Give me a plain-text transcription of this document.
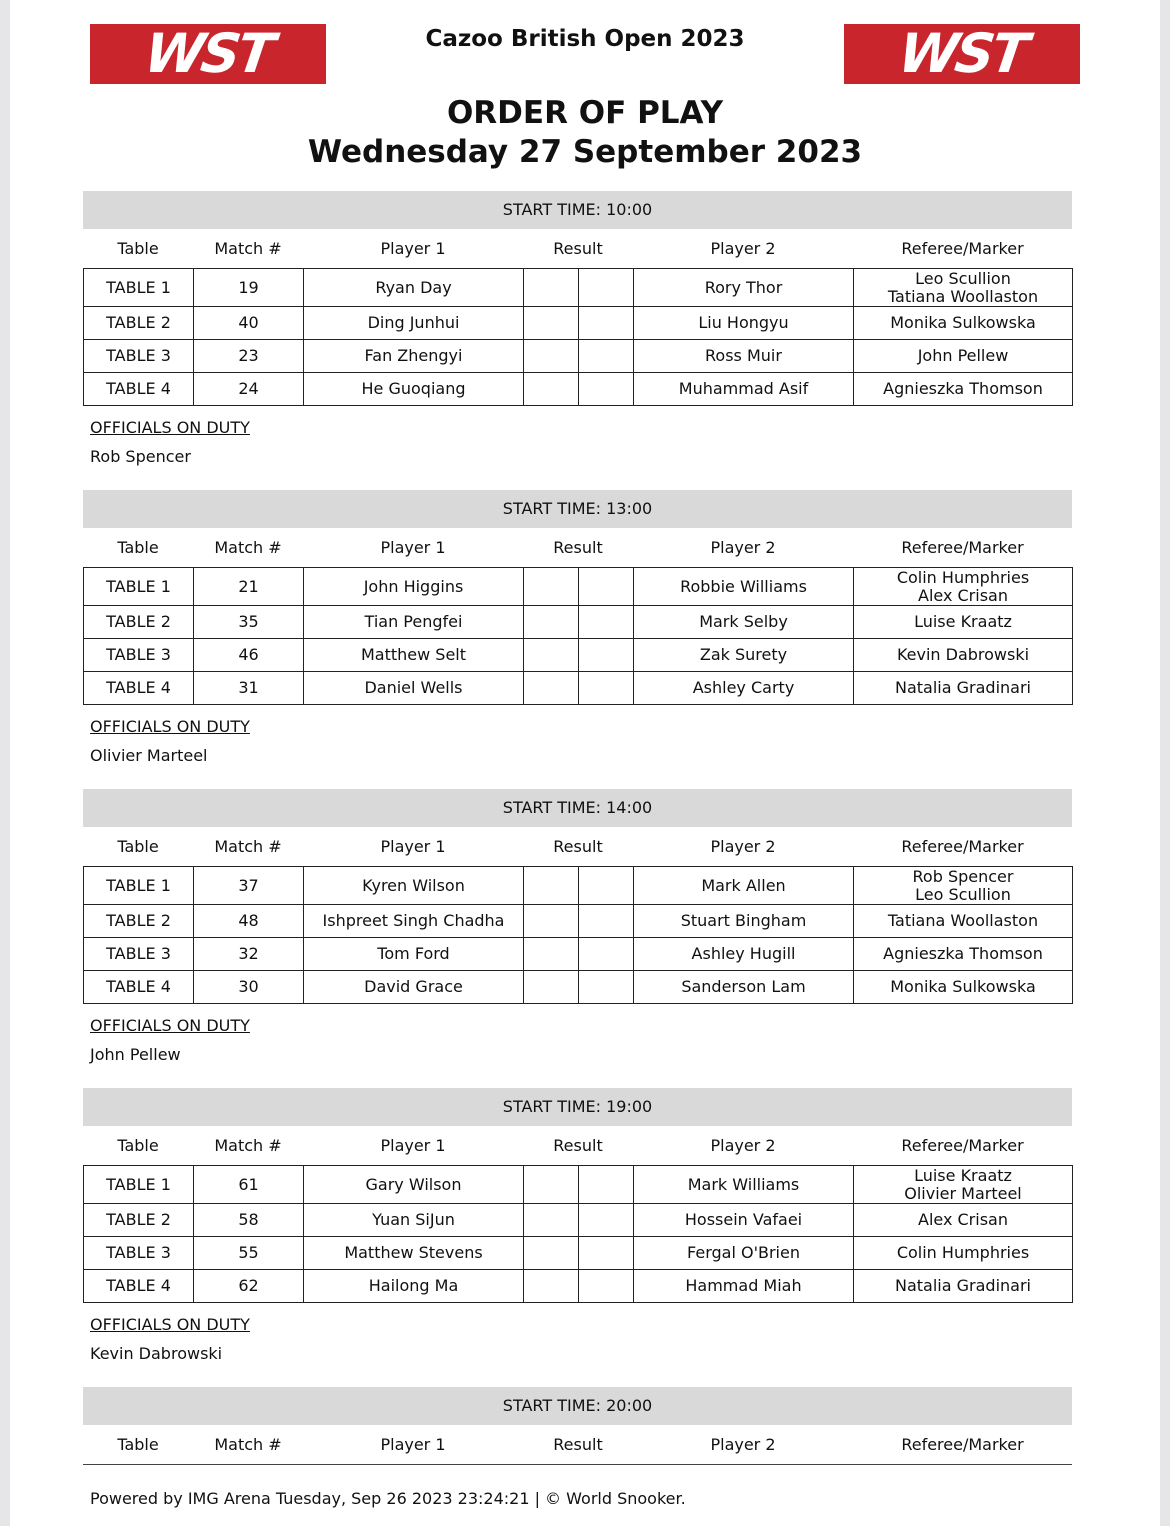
WST	Cazoo British Open 2023	WST
ORDER OF PLAY
Wednesday 27 September 2023
START TIME: 10:00
Table	Match #	Player 1	Result	Player 2	Referee/Marker
TABLE 1	19	Ryan Day			Rory Thor	Leo Scullion
Tatiana Woollaston

TABLE 2	40	Ding Junhui			Liu Hongyu	Monika Sulkowska

TABLE 3	23	Fan Zhengyi			Ross Muir	John Pellew

TABLE 4	24	He Guoqiang			Muhammad Asif	Agnieszka Thomson
OFFICIALS ON DUTY
Rob Spencer
START TIME: 13:00
Table	Match #	Player 1	Result	Player 2	Referee/Marker
TABLE 1	21	John Higgins			Robbie Williams	Colin Humphries
Alex Crisan

TABLE 2	35	Tian Pengfei			Mark Selby	Luise Kraatz

TABLE 3	46	Matthew Selt			Zak Surety	Kevin Dabrowski

TABLE 4	31	Daniel Wells			Ashley Carty	Natalia Gradinari
OFFICIALS ON DUTY
Olivier Marteel
START TIME: 14:00
Table	Match #	Player 1	Result	Player 2	Referee/Marker
TABLE 1	37	Kyren Wilson			Mark Allen	Rob Spencer
Leo Scullion

TABLE 2	48	Ishpreet Singh Chadha			Stuart Bingham	Tatiana Woollaston

TABLE 3	32	Tom Ford			Ashley Hugill	Agnieszka Thomson

TABLE 4	30	David Grace			Sanderson Lam	Monika Sulkowska
OFFICIALS ON DUTY
John Pellew
START TIME: 19:00
Table	Match #	Player 1	Result	Player 2	Referee/Marker
TABLE 1	61	Gary Wilson			Mark Williams	Luise Kraatz
Olivier Marteel

TABLE 2	58	Yuan SiJun			Hossein Vafaei	Alex Crisan

TABLE 3	55	Matthew Stevens			Fergal O'Brien	Colin Humphries

TABLE 4	62	Hailong Ma			Hammad Miah	Natalia Gradinari
OFFICIALS ON DUTY
Kevin Dabrowski
START TIME: 20:00
Table	Match #	Player 1	Result	Player 2	Referee/Marker
Powered by IMG Arena Tuesday, Sep 26 2023 23:24:21 | © World Snooker.
